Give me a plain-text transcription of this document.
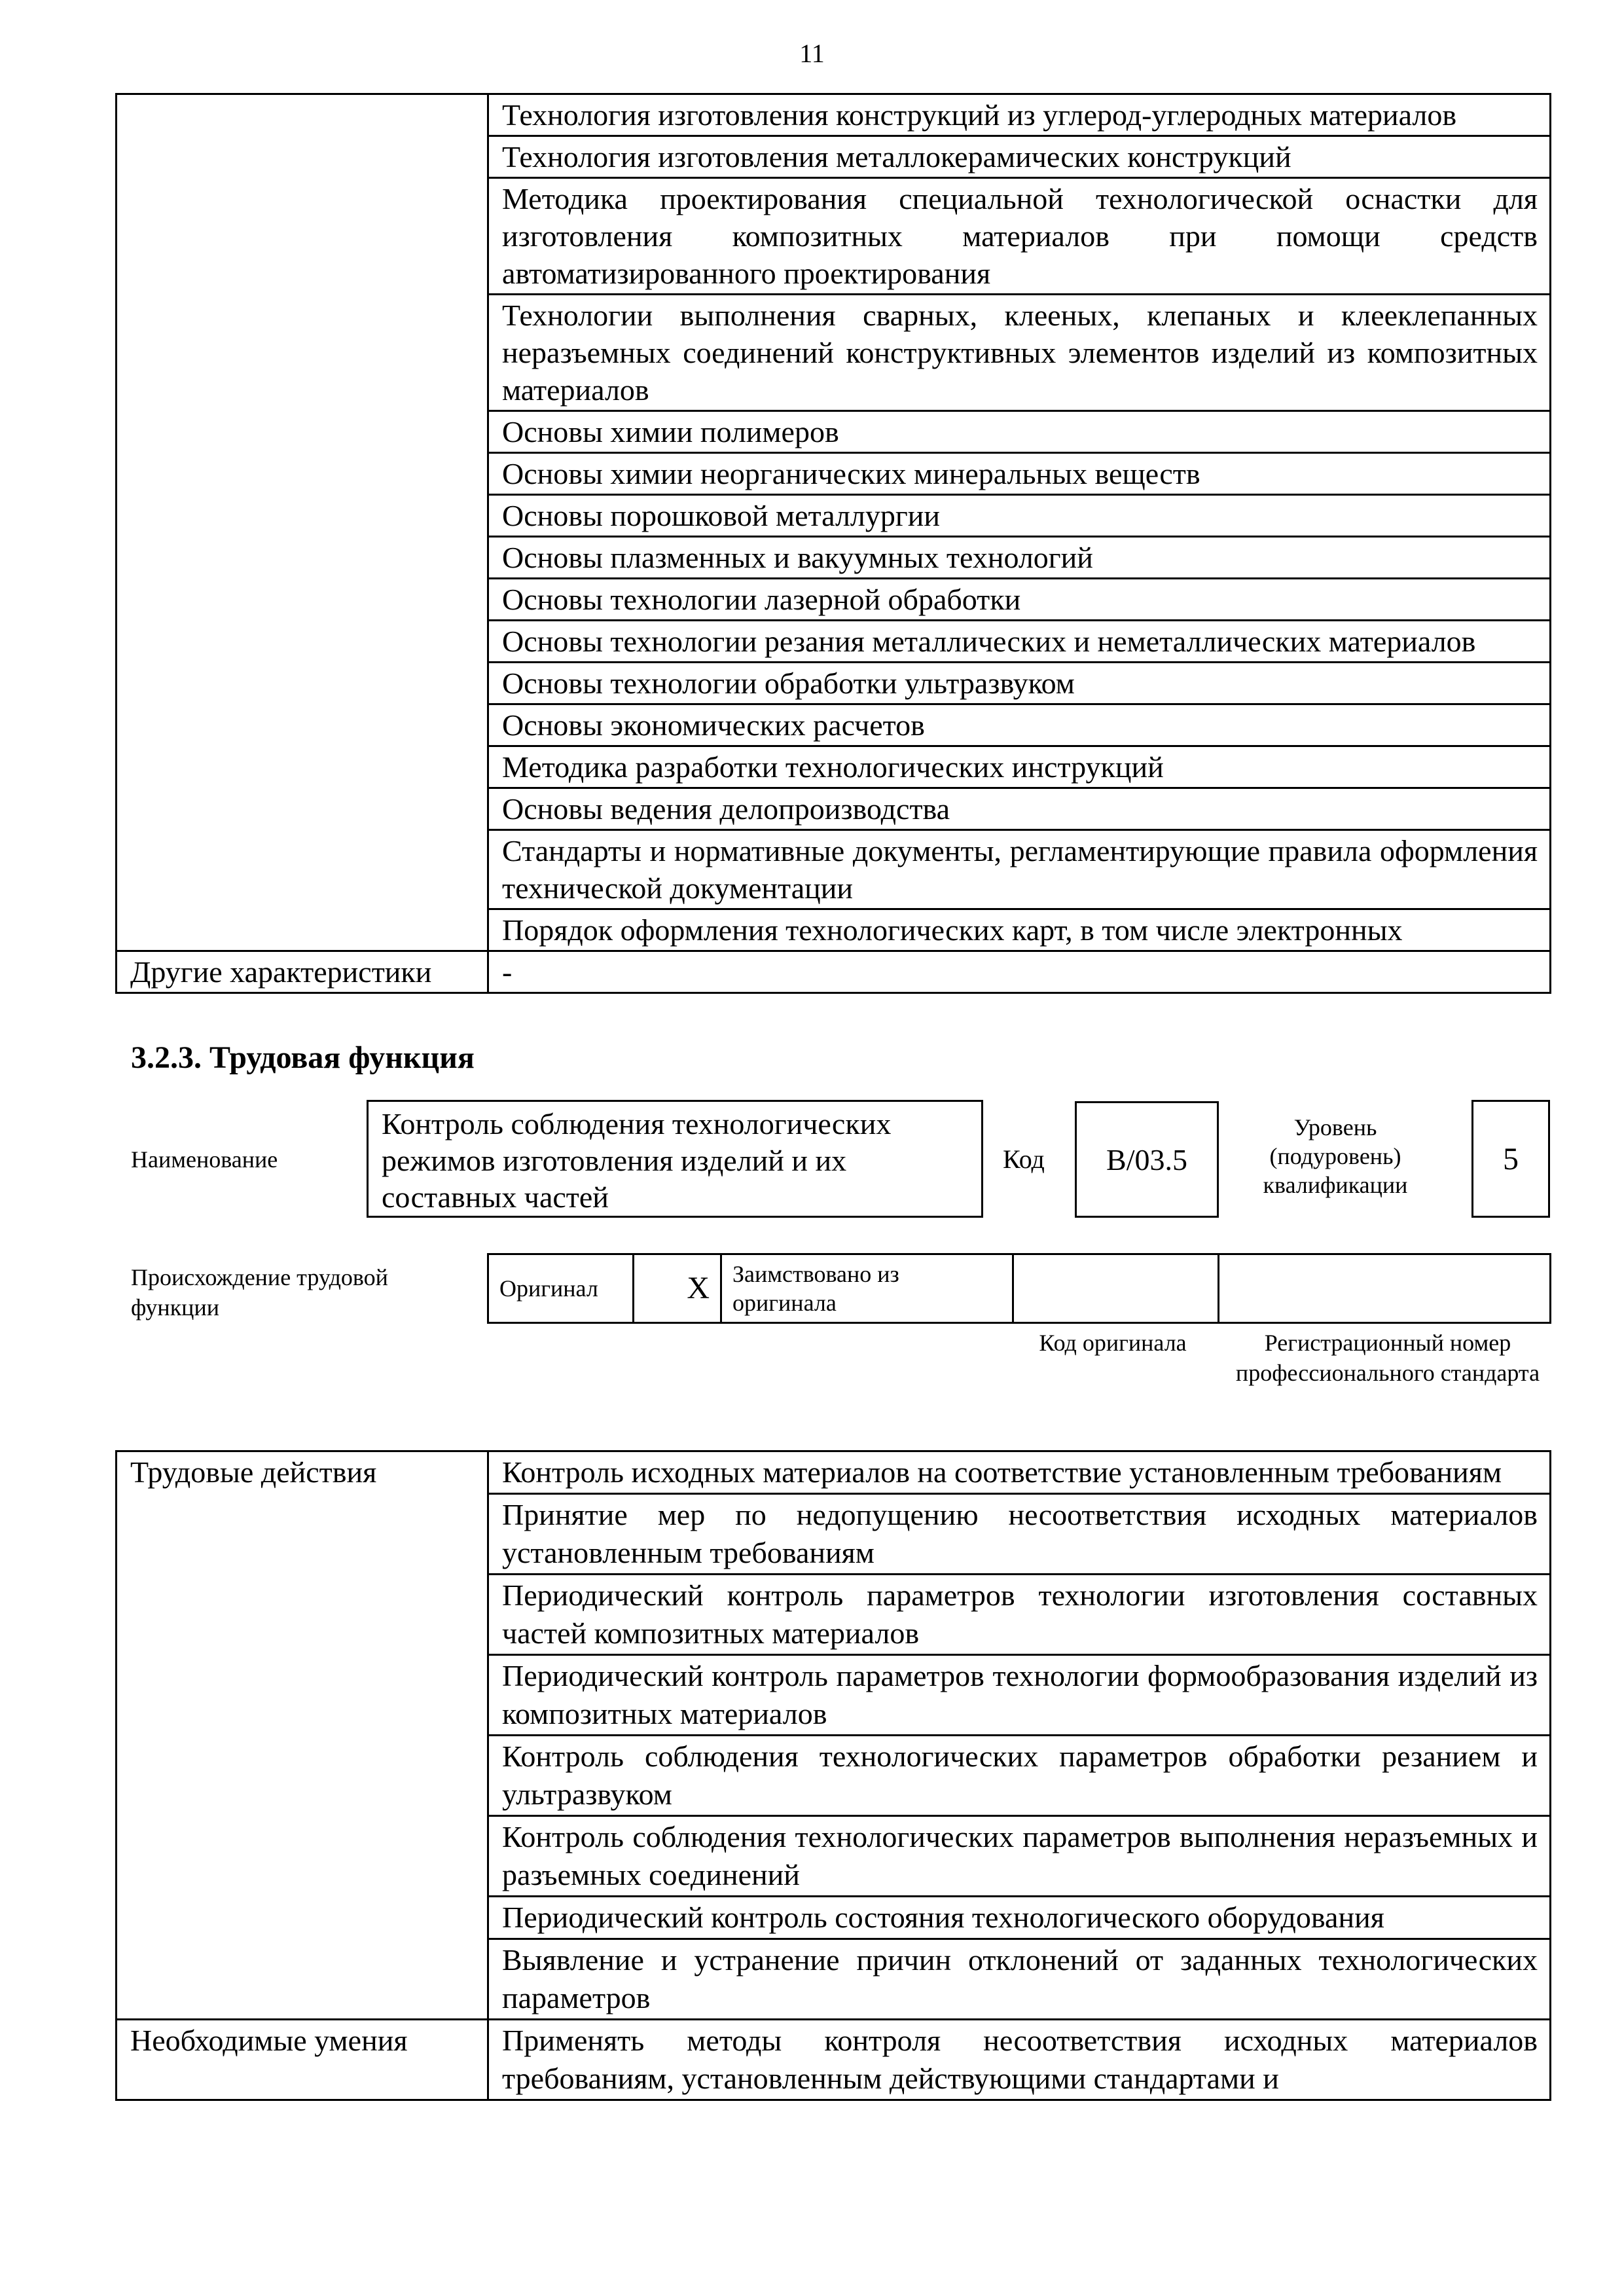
11
	Технология изготовления конструкций из углерод-углеродных материалов
	Технология изготовления металлокерамических конструкций
	Методика проектирования специальной технологической оснастки для изготовления композитных материалов при помощи средств автоматизированного проектирования
	Технологии выполнения сварных, клееных, клепаных и клееклепанных неразъемных соединений конструктивных элементов изделий из композитных материалов
	Основы химии полимеров
	Основы химии неорганических минеральных веществ
	Основы порошковой металлургии
	Основы плазменных и вакуумных технологий
	Основы технологии лазерной обработки
	Основы технологии резания металлических и неметаллических материалов
	Основы технологии обработки ультразвуком
	Основы экономических расчетов
	Методика разработки технологических инструкций
	Основы ведения делопроизводства
	Стандарты и нормативные документы, регламентирующие правила оформления технической документации
	Порядок оформления технологических карт, в том числе электронных
Другие характеристики	-
3.2.3. Трудовая функция
Наименование
Контроль соблюдения технологических режимов изготовления изделий и их составных частей
Код	B/03.5
Уровень (подуровень) квалификации
5
Происхождение трудовой функции
Оригинал	X	Заимствовано из оригинала		
Код оригинала	Регистрационный номер профессионального стандарта
Трудовые действия	Контроль исходных материалов на соответствие установленным требованиям
	Принятие мер по недопущению несоответствия исходных материалов установленным требованиям
	Периодический контроль параметров технологии изготовления составных частей композитных материалов
	Периодический контроль параметров технологии формообразования изделий из композитных материалов
	Контроль соблюдения технологических параметров обработки резанием и ультразвуком
	Контроль соблюдения технологических параметров выполнения неразъемных и разъемных соединений
	Периодический контроль состояния технологического оборудования
	Выявление и устранение причин отклонений от заданных технологических параметров
Необходимые умения	Применять методы контроля несоответствия исходных материалов требованиям, установленным действующими стандартами и
